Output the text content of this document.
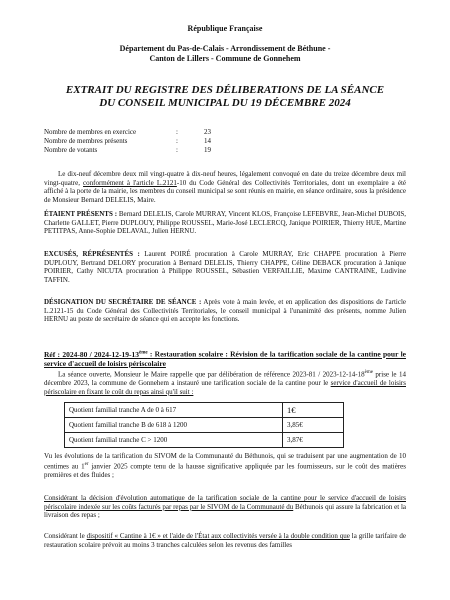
République Française
Département du Pas-de-Calais - Arrondissement de Béthune -
Canton de Lillers - Commune de Gonnehem
EXTRAIT DU REGISTRE DES DÉLIBERATIONS DE LA SÉANCE
DU CONSEIL MUNICIPAL DU 19 DÉCEMBRE 2024
Nombre de membres en exercice	:	23
Nombre de membres présents	:	14
Nombre de votants	:	19
Le dix-neuf décembre deux mil vingt-quatre à dix-neuf heures, légalement convoqué en date du treize décembre deux mil vingt-quatre, conformément à l'article L.2121-10 du Code Général des Collectivités Territoriales, dont un exemplaire a été affiché à la porte de la mairie, les membres du conseil municipal se sont réunis en mairie, en séance ordinaire, sous la présidence de Monsieur Bernard DELELIS, Maire.
ÉTAIENT PRÉSENTS : Bernard DELELIS, Carole MURRAY, Vincent KLOS, Françoise LEFEBVRE, Jean-Michel DUBOIS, Charlette GALLET, Pierre DUPLOUY, Philippe ROUSSEL, Marie-José LECLERCQ, Janique POIRIER, Thierry HUE, Martine PETITPAS, Anne-Sophie DELAVAL, Julien HERNU.
EXCUSÉS, RÉPRÉSENTÉS : Laurent POIRÉ procuration à Carole MURRAY, Eric CHAPPE procuration à Pierre DUPLOUY, Bertrand DELORY procuration à Bernard DELELIS, Thierry CHAPPE, Céline DEBACK procuration à Janique POIRIER, Cathy NICUTA procuration à Philippe ROUSSEL, Sébastien VERFAILLIE, Maxime CANTRAINE, Ludivine TAFFIN.
DÉSIGNATION DU SECRÉTAIRE DE SÉANCE : Après vote à main levée, et en application des dispositions de l'article L.2121-15 du Code Général des Collectivités Territoriales, le conseil municipal à l'unanimité des présents, nomme Julien HERNU au poste de secrétaire de séance qui en accepte les fonctions.
Réf : 2024-80 / 2024-12-19-13ème : Restauration scolaire : Révision de la tarification sociale de la cantine pour le service d'accueil de loisirs périscolaire
La séance ouverte, Monsieur le Maire rappelle que par délibération de référence 2023-81 / 2023-12-14-18ème prise le 14 décembre 2023, la commune de Gonnehem a instauré une tarification sociale de la cantine pour le service d'accueil de loisirs périscolaire en fixant le coût du repas ainsi qu'il suit :
Quotient familial tranche A de 0 à 617	1€
Quotient familial tranche B de 618 à 1200	3,85€
Quotient familial tranche C > 1200	3,87€
Vu les évolutions de la tarification du SIVOM de la Communauté du Béthunois, qui se traduisent par une augmentation de 10 centimes au 1er janvier 2025 compte tenu de la hausse significative appliquée par les fournisseurs, sur le coût des matières premières et des fluides ;
Considérant la décision d'évolution automatique de la tarification sociale de la cantine pour le service d'accueil de loisirs périscolaire indexée sur les coûts facturés par repas par le SIVOM de la Communauté du Béthunois qui assure la fabrication et la livraison des repas ;
Considérant le dispositif « Cantine à 1€ » et l'aide de l'État aux collectivités versée à la double condition que la grille tarifaire de restauration scolaire prévoit au moins 3 tranches calculées selon les revenus des familles
